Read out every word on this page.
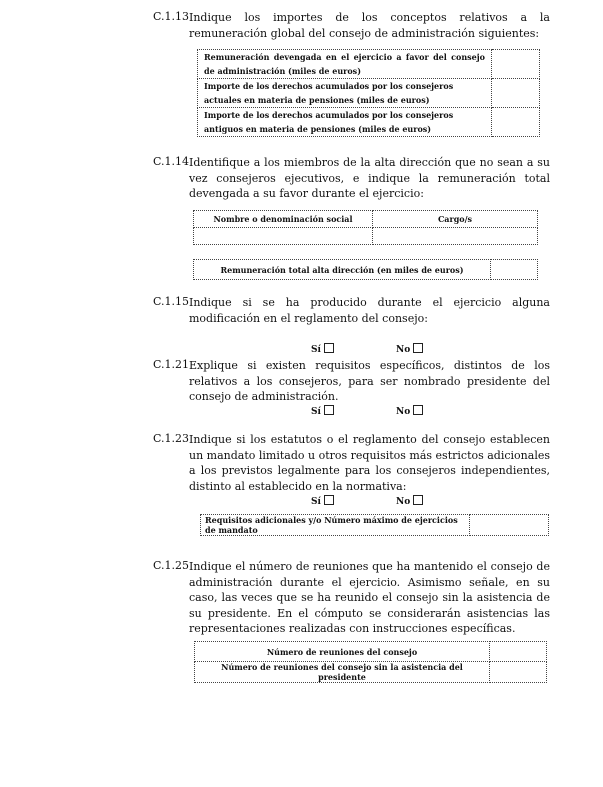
C.1.13 Indique los importes de los conceptos relativos a la remuneración global del consejo de administración siguientes:
Remuneración devengada en el ejercicio a favor del consejo de administración (miles de euros)	
Importe de los derechos acumulados por los consejeros actuales en materia de pensiones (miles de euros)	
Importe de los derechos acumulados por los consejeros antiguos en materia de pensiones (miles de euros)	
C.1.14 Identifique a los miembros de la alta dirección que no sean a su vez consejeros ejecutivos, e indique la remuneración total devengada a su favor durante el ejercicio:
Nombre o denominación social	Cargo/s

Remuneración total alta dirección (en miles de euros)	
C.1.15 Indique si se ha producido durante el ejercicio alguna modificación en el reglamento del consejo:
Sí	No
C.1.21 Explique si existen requisitos específicos, distintos de los relativos a los consejeros, para ser nombrado presidente del consejo de administración.
Sí	No
C.1.23 Indique si los estatutos o el reglamento del consejo establecen un mandato limitado u otros requisitos más estrictos adicionales a los previstos legalmente para los consejeros independientes, distinto al establecido en la normativa:
Sí	No
Requisitos adicionales y/o Número máximo de ejercicios de mandato	
C.1.25 Indique el número de reuniones que ha mantenido el consejo de administración durante el ejercicio. Asimismo señale, en su caso, las veces que se ha reunido el consejo sin la asistencia de su presidente. En el cómputo se considerarán asistencias las representaciones realizadas con instrucciones específicas.
Número de reuniones del consejo	
Número de reuniones del consejo sin la asistencia del presidente	
